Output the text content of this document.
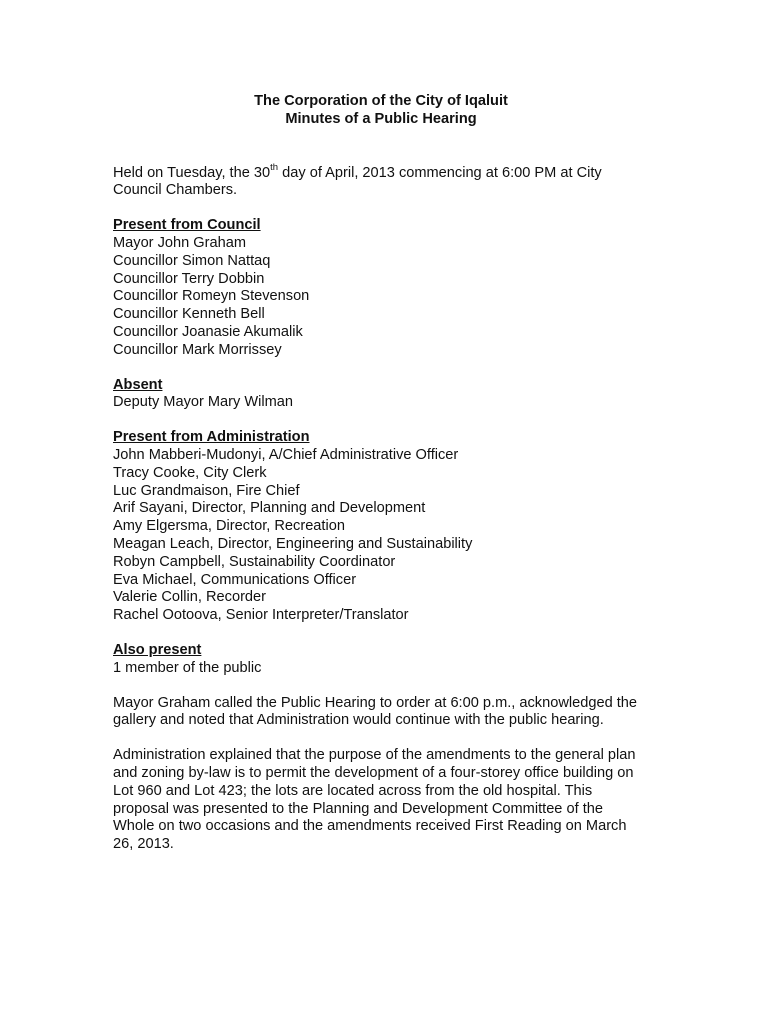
The Corporation of the City of Iqaluit
Minutes of a Public Hearing
Held on Tuesday, the 30th day of April, 2013 commencing at 6:00 PM at City
Council Chambers.
Present from Council
Mayor John Graham
Councillor Simon Nattaq
Councillor Terry Dobbin
Councillor Romeyn Stevenson
Councillor Kenneth Bell
Councillor Joanasie Akumalik
Councillor Mark Morrissey
Absent
Deputy Mayor Mary Wilman
Present from Administration
John Mabberi-Mudonyi, A/Chief Administrative Officer
Tracy Cooke, City Clerk
Luc Grandmaison, Fire Chief
Arif Sayani, Director, Planning and Development
Amy Elgersma, Director, Recreation
Meagan Leach, Director, Engineering and Sustainability
Robyn Campbell, Sustainability Coordinator
Eva Michael, Communications Officer
Valerie Collin, Recorder
Rachel Ootoova, Senior Interpreter/Translator
Also present
1 member of the public
Mayor Graham called the Public Hearing to order at 6:00 p.m., acknowledged the
gallery and noted that Administration would continue with the public hearing.
Administration explained that the purpose of the amendments to the general plan
and zoning by-law is to permit the development of a four-storey office building on
Lot 960 and Lot 423; the lots are located across from the old hospital. This
proposal was presented to the Planning and Development Committee of the
Whole on two occasions and the amendments received First Reading on March
26, 2013.
